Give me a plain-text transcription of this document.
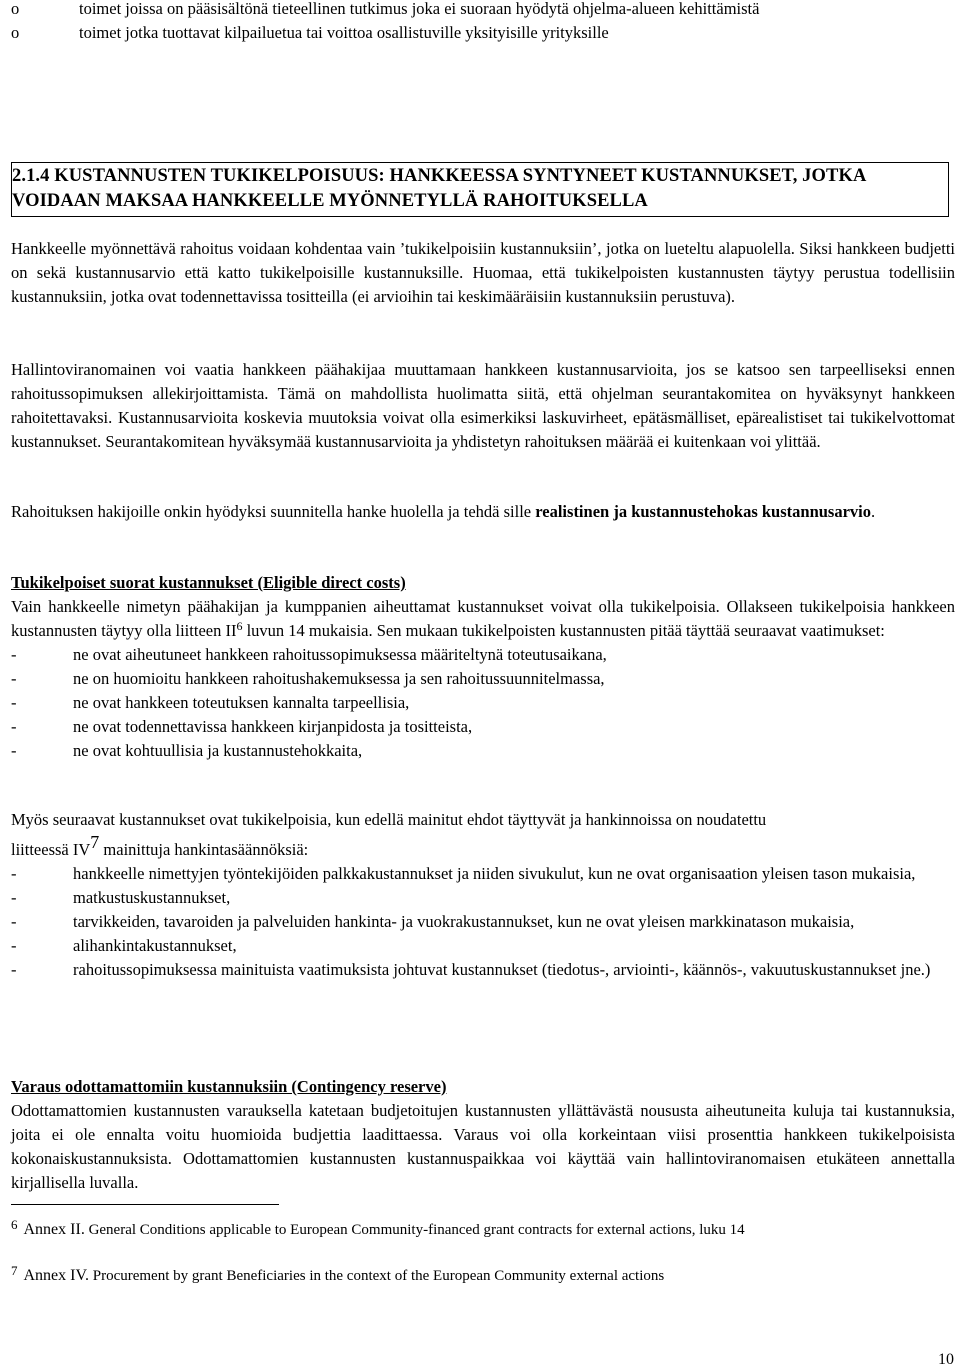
o	toimet joissa on pääsisältönä tieteellinen tutkimus joka ei suoraan hyödytä ohjelma-alueen kehittämistä
o	toimet jotka tuottavat kilpailuetua tai voittoa osallistuville yksityisille yrityksille
2.1.4 KUSTANNUSTEN TUKIKELPOISUUS: HANKKEESSA SYNTYNEET KUSTANNUKSET, JOTKA VOIDAAN MAKSAA HANKKEELLE MYÖNNETYLLÄ RAHOITUKSELLA

Hankkeelle myönnettävä rahoitus voidaan kohdentaa vain ’tukikelpoisiin kustannuksiin’, jotka on lueteltu alapuolella. Siksi hankkeen budjetti on sekä kustannusarvio että katto tukikelpoisille kustannuksille. Huomaa, että tukikelpoisten kustannusten täytyy perustua todellisiin kustannuksiin, jotka ovat todennettavissa tositteilla (ei arvioihin tai keskimääräisiin kustannuksiin perustuva).

Hallintoviranomainen voi vaatia hankkeen päähakijaa muuttamaan hankkeen kustannusarvioita, jos se katsoo sen tarpeelliseksi ennen rahoitussopimuksen allekirjoittamista. Tämä on mahdollista huolimatta siitä, että ohjelman seurantakomitea on hyväksynyt hankkeen rahoitettavaksi. Kustannusarvioita koskevia muutoksia voivat olla esimerkiksi laskuvirheet, epätäsmälliset, epärealistiset tai tukikelvottomat kustannukset. Seurantakomitean hyväksymää kustannusarvioita ja yhdistetyn rahoituksen määrää ei kuitenkaan voi ylittää.

Rahoituksen hakijoille onkin hyödyksi suunnitella hanke huolella ja tehdä sille realistinen ja kustannustehokas kustannusarvio.

Tukikelpoiset suorat kustannukset (Eligible direct costs)
Vain hankkeelle nimetyn päähakijan ja kumppanien aiheuttamat kustannukset voivat olla tukikelpoisia. Ollakseen tukikelpoisia hankkeen kustannusten täytyy olla liitteen $II^6$ luvun 14 mukaisia. Sen mukaan tukikelpoisten kustannusten pitää täyttää seuraavat vaatimukset:
-	ne ovat aiheutuneet hankkeen rahoitussopimuksessa määriteltynä toteutusaikana,
-	ne on huomioitu hankkeen rahoitushakemuksessa ja sen rahoitussuunnitelmassa,
-	ne ovat hankkeen toteutuksen kannalta tarpeellisia,
-	ne ovat todennettavissa hankkeen kirjanpidosta ja tositteista,
-	ne ovat kohtuullisia ja kustannustehokkaita,
Myös seuraavat kustannukset ovat tukikelpoisia, kun edellä mainitut ehdot täyttyvät ja hankinnoissa on noudatettu
liitteessä IV7 mainittuja hankintasäännöksiä:
-	hankkeelle nimettyjen työntekijöiden palkkakustannukset ja niiden sivukulut, kun ne ovat organisaation yleisen tason mukaisia,
-	matkustuskustannukset,
-	tarvikkeiden, tavaroiden ja palveluiden hankinta- ja vuokrakustannukset, kun ne ovat yleisen markkinatason mukaisia,
-	alihankintakustannukset,
-	rahoitussopimuksessa mainituista vaatimuksista johtuvat kustannukset (tiedotus-, arviointi-, käännös-, vakuutuskustannukset jne.)
Varaus odottamattomiin kustannuksiin (Contingency reserve)
Odottamattomien kustannusten varauksella katetaan budjetoitujen kustannusten yllättävästä noususta aiheutuneita kuluja tai kustannuksia, joita ei ole ennalta voitu huomioida budjettia laadittaessa. Varaus voi olla korkeintaan viisi prosenttia hankkeen tukikelpoisista kokonaiskustannuksista. Odottamattomien kustannusten kustannuspaikkaa voi käyttää vain hallintoviranomaisen etukäteen annettalla kirjallisella luvalla.
6 Annex II. General Conditions applicable to European Community-financed grant contracts for external actions, luku 14
7 Annex IV. Procurement by grant Beneficiaries in the context of the European Community external actions
10
